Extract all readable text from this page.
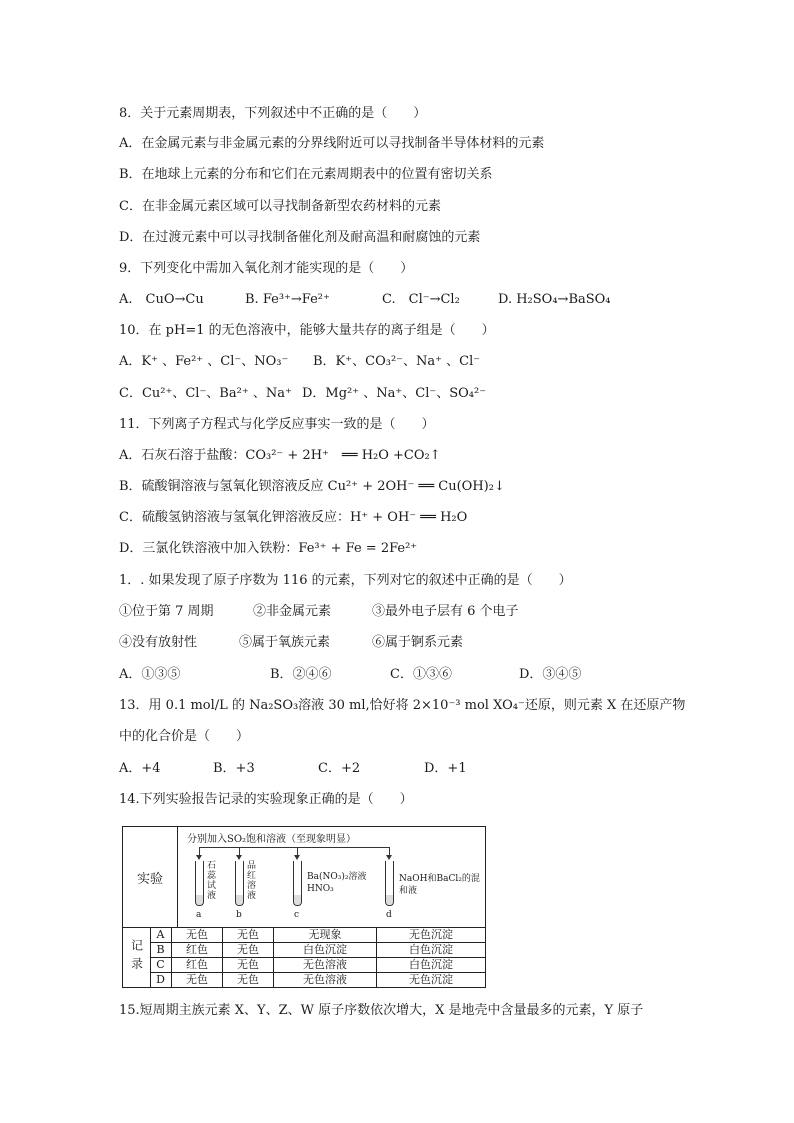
8．关于元素周期表，下列叙述中不正确的是（　　）
A．在金属元素与非金属元素的分界线附近可以寻找制备半导体材料的元素
B．在地球上元素的分布和它们在元素周期表中的位置有密切关系
C．在非金属元素区域可以寻找制备新型农药材料的元素
D．在过渡元素中可以寻找制备催化剂及耐高温和耐腐蚀的元素
9．下列变化中需加入氧化剂才能实现的是（　　）
A.　CuO→Cu	B. Fe³⁺→Fe²⁺	C.　Cl⁻→Cl₂	D. H₂SO₄→BaSO₄
10．在 pH=1 的无色溶液中，能够大量共存的离子组是（　　）
A．K⁺ 、Fe²⁺ 、Cl⁻、NO₃⁻ B．K⁺、CO₃²⁻、Na⁺ 、Cl⁻
C．Cu²⁺、Cl⁻、Ba²⁺ 、Na⁺ D．Mg²⁺ 、Na⁺、Cl⁻、SO₄²⁻
11．下列离子方程式与化学反应事实一致的是（　　）
A．石灰石溶于盐酸：CO₃²⁻ + 2H⁺　══ H₂O +CO₂↑
B．硫酸铜溶液与氢氧化钡溶液反应 Cu²⁺ + 2OH⁻ ══ Cu(OH)₂↓
C．硫酸氢钠溶液与氢氧化钾溶液反应：H⁺ + OH⁻ ══ H₂O
D．三氯化铁溶液中加入铁粉：Fe³⁺ + Fe = 2Fe²⁺
1．. 如果发现了原子序数为 116 的元素，下列对它的叙述中正确的是（　　）
①位于第 7 周期	②非金属元素	③最外电子层有 6 个电子
④没有放射性	⑤属于氧族元素	⑥属于锕系元素
A．①③⑤	B．②④⑥	C．①③⑥	D．③④⑤
13．用 0.1 mol/L 的 Na₂SO₃溶液 30 ml,恰好将 2×10⁻³ mol XO₄⁻还原，则元素 X 在还原产物
中的化合价是（　　）
A．+4	B．+3	C．+2	D．+1
14.下列实验报告记录的实验现象正确的是（　　）
实验
分别加入SO₂饱和溶液（至现象明显）
石蕊试液
a
品红溶液
b
Ba(NO₃)₂溶液 HNO₃
c
NaOH和BaCl₂的混和液
d
记录
A	无色	无色	无现象	无色沉淀
B	红色	无色	白色沉淀	白色沉淀
C	红色	无色	无色溶液	白色沉淀
D	无色	无色	无色溶液	无色沉淀
15.短周期主族元素 X、Y、Z、W 原子序数依次增大，X 是地壳中含量最多的元素，Y 原子
